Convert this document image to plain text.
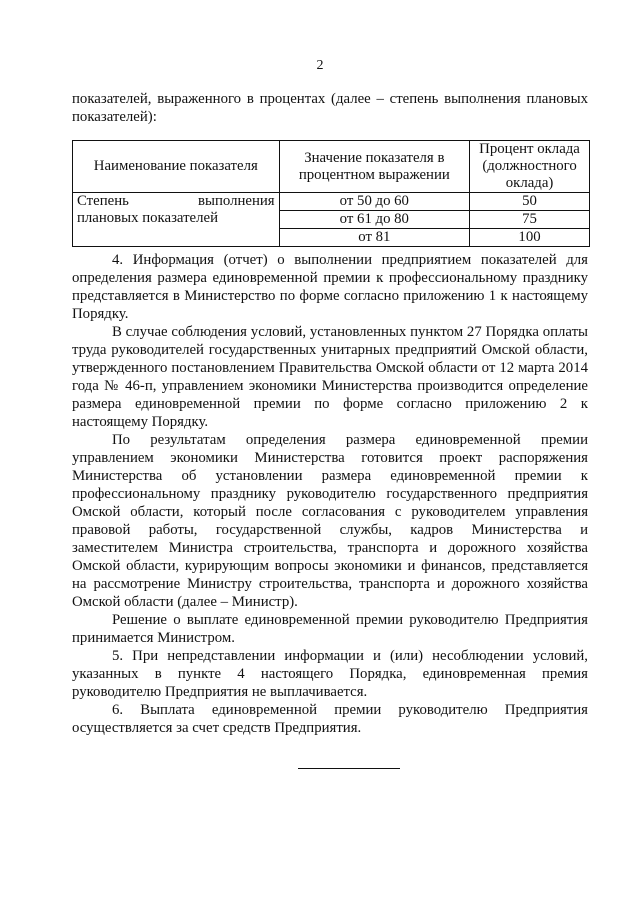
2

показателей, выраженного в процентах (далее – степень выполнения плановых показателей):

Наименование показателя	Значение показателя в процентном выражении	Процент оклада (должностного оклада)

Степень выполнения
плановых показателей	от 50 до 60	50
	от 61 до 80	75
	от 81	100

4. Информация (отчет) о выполнении предприятием показателей для определения размера единовременной премии к профессиональному празднику представляется в Министерство по форме согласно приложению 1 к настоящему Порядку.

В случае соблюдения условий, установленных пунктом 27 Порядка оплаты труда руководителей государственных унитарных предприятий Омской области, утвержденного постановлением Правительства Омской области от 12 марта 2014 года № 46-п, управлением экономики Министерства производится определение размера единовременной премии по форме согласно приложению 2 к настоящему Порядку.

По результатам определения размера единовременной премии управлением экономики Министерства готовится проект распоряжения Министерства об установлении размера единовременной премии к профессиональному празднику руководителю государственного предприятия Омской области, который после согласования с руководителем управления правовой работы, государственной службы, кадров Министерства и заместителем Министра строительства, транспорта и дорожного хозяйства Омской области, курирующим вопросы экономики и финансов, представляется на рассмотрение Министру строительства, транспорта и дорожного хозяйства Омской области (далее – Министр).

Решение о выплате единовременной премии руководителю Предприятия принимается Министром.

5. При непредставлении информации и (или) несоблюдении условий, указанных в пункте 4 настоящего Порядка, единовременная премия руководителю Предприятия не выплачивается.

6. Выплата единовременной премии руководителю Предприятия осуществляется за счет средств Предприятия.
